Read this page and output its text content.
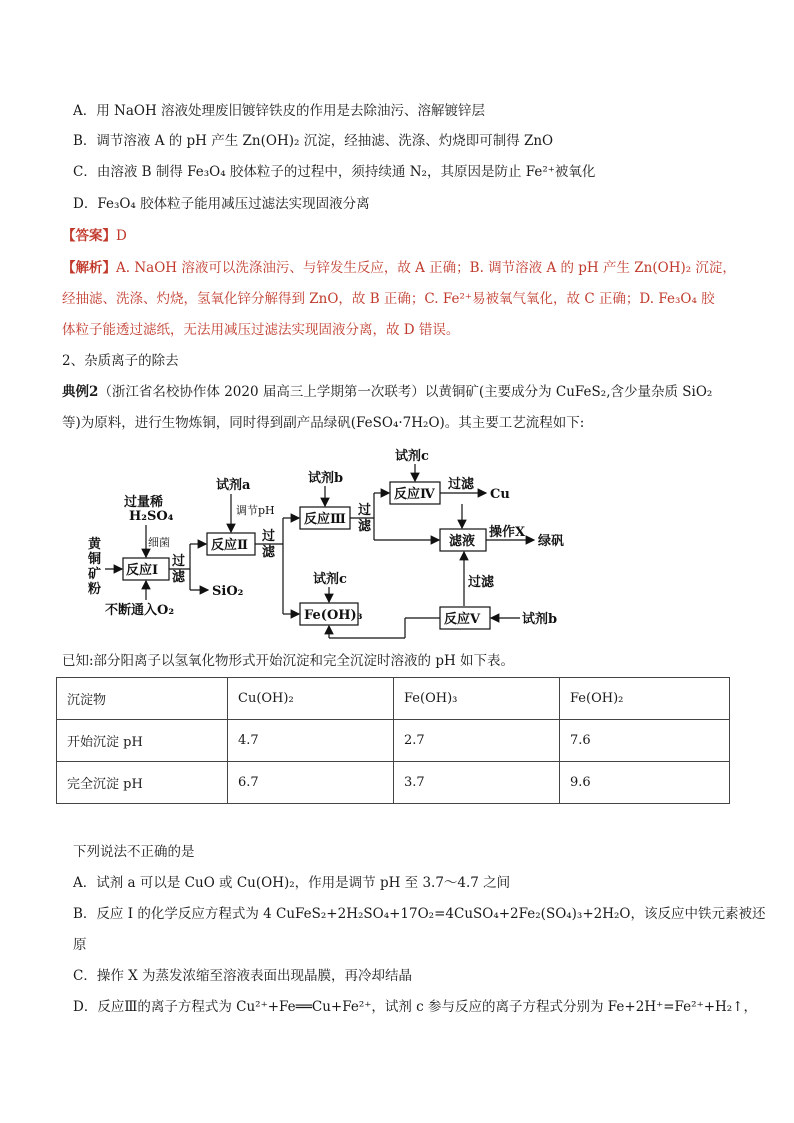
A．用 NaOH 溶液处理废旧镀锌铁皮的作用是去除油污、溶解镀锌层
B．调节溶液 A 的 pH 产生 Zn(OH)₂ 沉淀，经抽滤、洗涤、灼烧即可制得 ZnO
C．由溶液 B 制得 Fe₃O₄ 胶体粒子的过程中，须持续通 N₂，其原因是防止 Fe²⁺被氧化
D．Fe₃O₄ 胶体粒子能用减压过滤法实现固液分离
【答案】D
【解析】A. NaOH 溶液可以洗涤油污、与锌发生反应，故 A 正确；B. 调节溶液 A 的 pH 产生 Zn(OH)₂ 沉淀，
经抽滤、洗涤、灼烧，氢氧化锌分解得到 ZnO，故 B 正确；C. Fe²⁺易被氧气氧化，故 C 正确；D. Fe₃O₄ 胶
体粒子能透过滤纸，无法用减压过滤法实现固液分离，故 D 错误。
2、杂质离子的除去
典例2（浙江省名校协作体 2020 届高三上学期第一次联考）以黄铜矿(主要成分为 CuFeS₂,含少量杂质 SiO₂
等)为原料，进行生物炼铜，同时得到副产品绿矾(FeSO₄·7H₂O)。其主要工艺流程如下:
黄
铜
矿
粉
过量稀
H₂SO₄
不断通入O₂
反应Ⅰ
反应Ⅱ
反应Ⅲ
反应Ⅳ
反应Ⅴ
滤液
Fe(OH)₃
SiO₂
Cu
绿矾
操作X
试剂a	试剂b
试剂c
试剂c
试剂b
过滤
过滤
过
滤
过
滤
过
滤
细菌
调节pH
已知:部分阳离子以氢氧化物形式开始沉淀和完全沉淀时溶液的 pH 如下表。
沉淀物	Cu(OH)₂	Fe(OH)₃	Fe(OH)₂
开始沉淀 pH	4.7	2.7	7.6
完全沉淀 pH	6.7	3.7	9.6
下列说法不正确的是
A．试剂 a 可以是 CuO 或 Cu(OH)₂，作用是调节 pH 至 3.7～4.7 之间
B．反应 I 的化学反应方程式为 4 CuFeS₂+2H₂SO₄+17O₂=4CuSO₄+2Fe₂(SO₄)₃+2H₂O，该反应中铁元素被还
原
C．操作 X 为蒸发浓缩至溶液表面出现晶膜，再冷却结晶
D．反应Ⅲ的离子方程式为 Cu²⁺+Fe══Cu+Fe²⁺，试剂 c 参与反应的离子方程式分别为 Fe+2H⁺=Fe²⁺+H₂↑，
